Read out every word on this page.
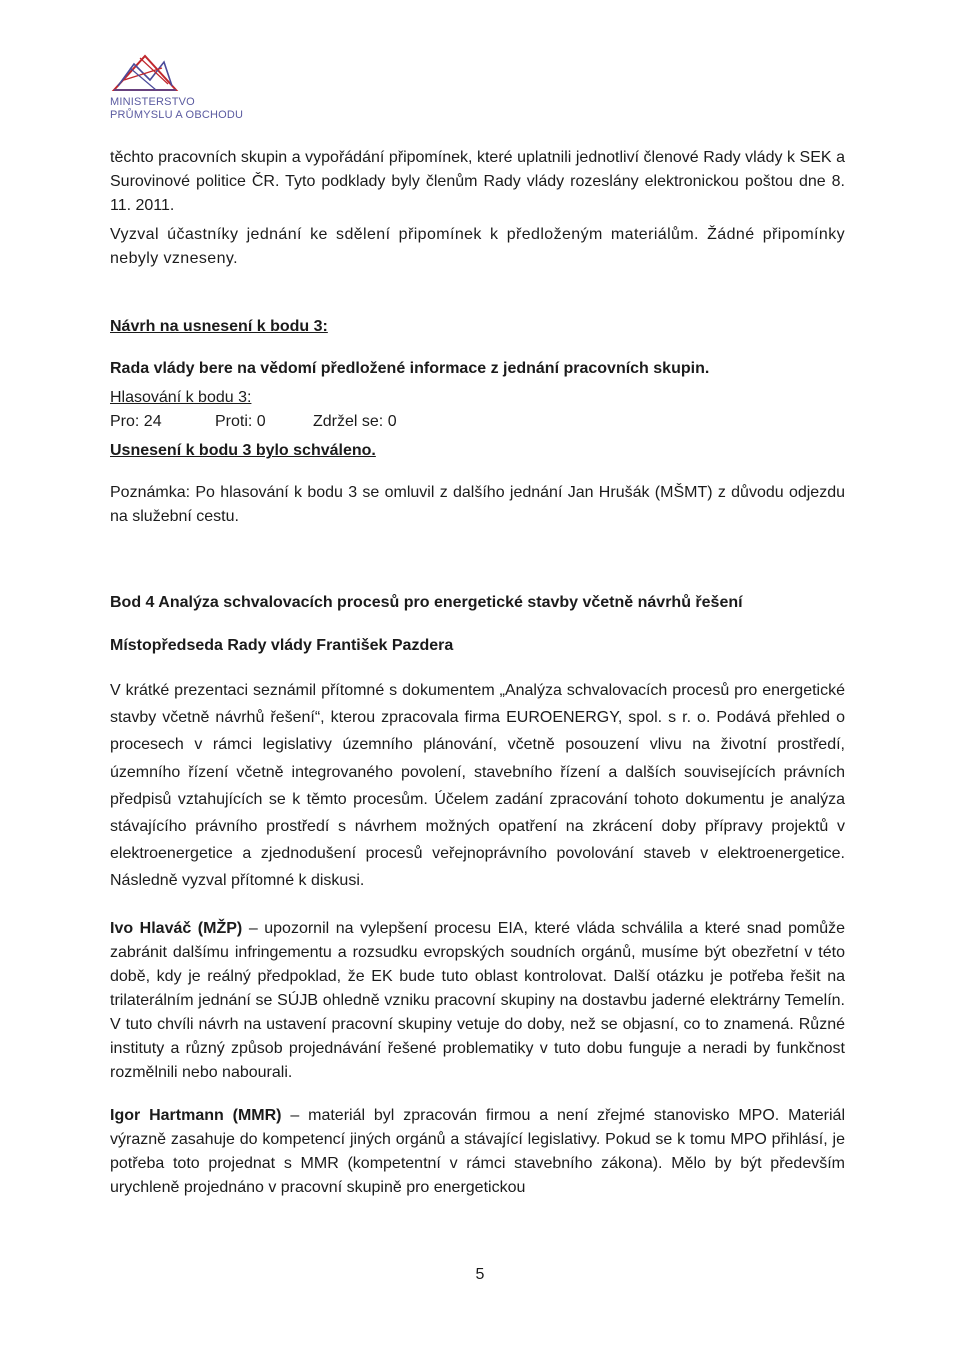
MINISTERSTVO
PRŮMYSLU A OBCHODU

těchto pracovních skupin a vypořádání připomínek, které uplatnili jednotliví členové Rady vlády k SEK a Surovinové politice ČR. Tyto podklady byly členům Rady vlády rozeslány elektronickou poštou dne 8. 11. 2011.

Vyzval účastníky jednání ke sdělení připomínek k předloženým materiálům. Žádné připomínky nebyly vzneseny.

Návrh na usnesení k bodu 3:

Rada vlády bere na vědomí předložené informace z jednání pracovních skupin.

Hlasování k bodu 3:

Pro: 24	Proti: 0	Zdržel se: 0

Usnesení k bodu 3 bylo schváleno.

Poznámka: Po hlasování k bodu 3 se omluvil z dalšího jednání Jan Hrušák (MŠMT) z důvodu odjezdu na služební cestu.

Bod 4 Analýza schvalovacích procesů pro energetické stavby včetně návrhů řešení

Místopředseda Rady vlády František Pazdera

V krátké prezentaci seznámil přítomné s dokumentem „Analýza schvalovacích procesů pro energetické stavby včetně návrhů řešení“, kterou zpracovala firma EUROENERGY, spol. s r. o. Podává přehled o procesech v rámci legislativy územního plánování, včetně posouzení vlivu na životní prostředí, územního řízení včetně integrovaného povolení, stavebního řízení a dalších souvisejících právních předpisů vztahujících se k těmto procesům. Účelem zadání zpracování tohoto dokumentu je analýza stávajícího právního prostředí s návrhem možných opatření na zkrácení doby přípravy projektů v elektroenergetice a zjednodušení procesů veřejnoprávního povolování staveb v elektroenergetice. Následně vyzval přítomné k diskusi.

Ivo Hlaváč (MŽP) – upozornil na vylepšení procesu EIA, které vláda schválila a které snad pomůže zabránit dalšímu infringementu a rozsudku evropských soudních orgánů, musíme být obezřetní v této době, kdy je reálný předpoklad, že EK bude tuto oblast kontrolovat. Další otázku je potřeba řešit na trilaterálním jednání se SÚJB ohledně vzniku pracovní skupiny na dostavbu jaderné elektrárny Temelín. V tuto chvíli návrh na ustavení pracovní skupiny vetuje do doby, než se objasní, co to znamená. Různé instituty a různý způsob projednávání řešené problematiky v tuto dobu funguje a neradi by funkčnost rozmělnili nebo nabourali.

Igor Hartmann (MMR) – materiál byl zpracován firmou a není zřejmé stanovisko MPO. Materiál výrazně zasahuje do kompetencí jiných orgánů a stávající legislativy. Pokud se k tomu MPO přihlásí, je potřeba toto projednat s MMR (kompetentní v rámci stavebního zákona). Mělo by být především urychleně projednáno v pracovní skupině pro energetickou

5
